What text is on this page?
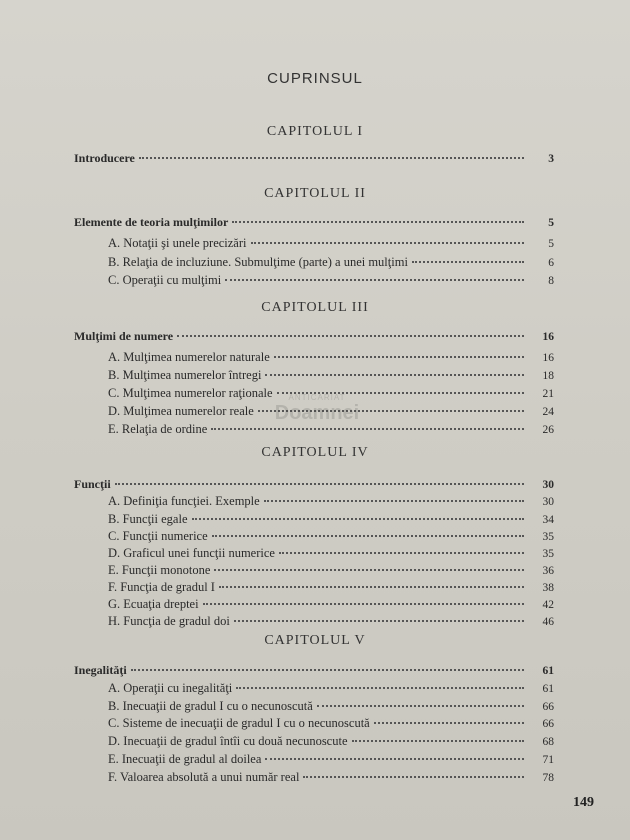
CUPRINSUL
CAPITOLUL I
Introducere	3
CAPITOLUL II
Elemente de teoria mulţimilor	5
A. Notaţii şi unele precizări	5
B. Relaţia de incluziune. Submulţime (parte) a unei mulţimi	6
C. Operaţii cu mulţimi	8
CAPITOLUL III
Mulţimi de numere	16
A. Mulţimea numerelor naturale	16
B. Mulţimea numerelor întregi	18
C. Mulţimea numerelor raţionale	21
D. Mulţimea numerelor reale	24
E. Relaţia de ordine	26
ANTICARIAT
Doamnei
CAPITOLUL IV
Funcţii	30
A. Definiţia funcţiei. Exemple	30
B. Funcţii egale	34
C. Funcţii numerice	35
D. Graficul unei funcţii numerice	35
E. Funcţii monotone	36
F. Funcţia de gradul I	38
G. Ecuaţia dreptei	42
H. Funcţia de gradul doi	46
CAPITOLUL V
Inegalităţi	61
A. Operaţii cu inegalităţi	61
B. Inecuaţii de gradul I cu o necunoscută	66
C. Sisteme de inecuaţii de gradul I cu o necunoscută	66
D. Inecuaţii de gradul întîi cu două necunoscute	68
E. Inecuaţii de gradul al doilea	71
F. Valoarea absolută a unui număr real	78
149
